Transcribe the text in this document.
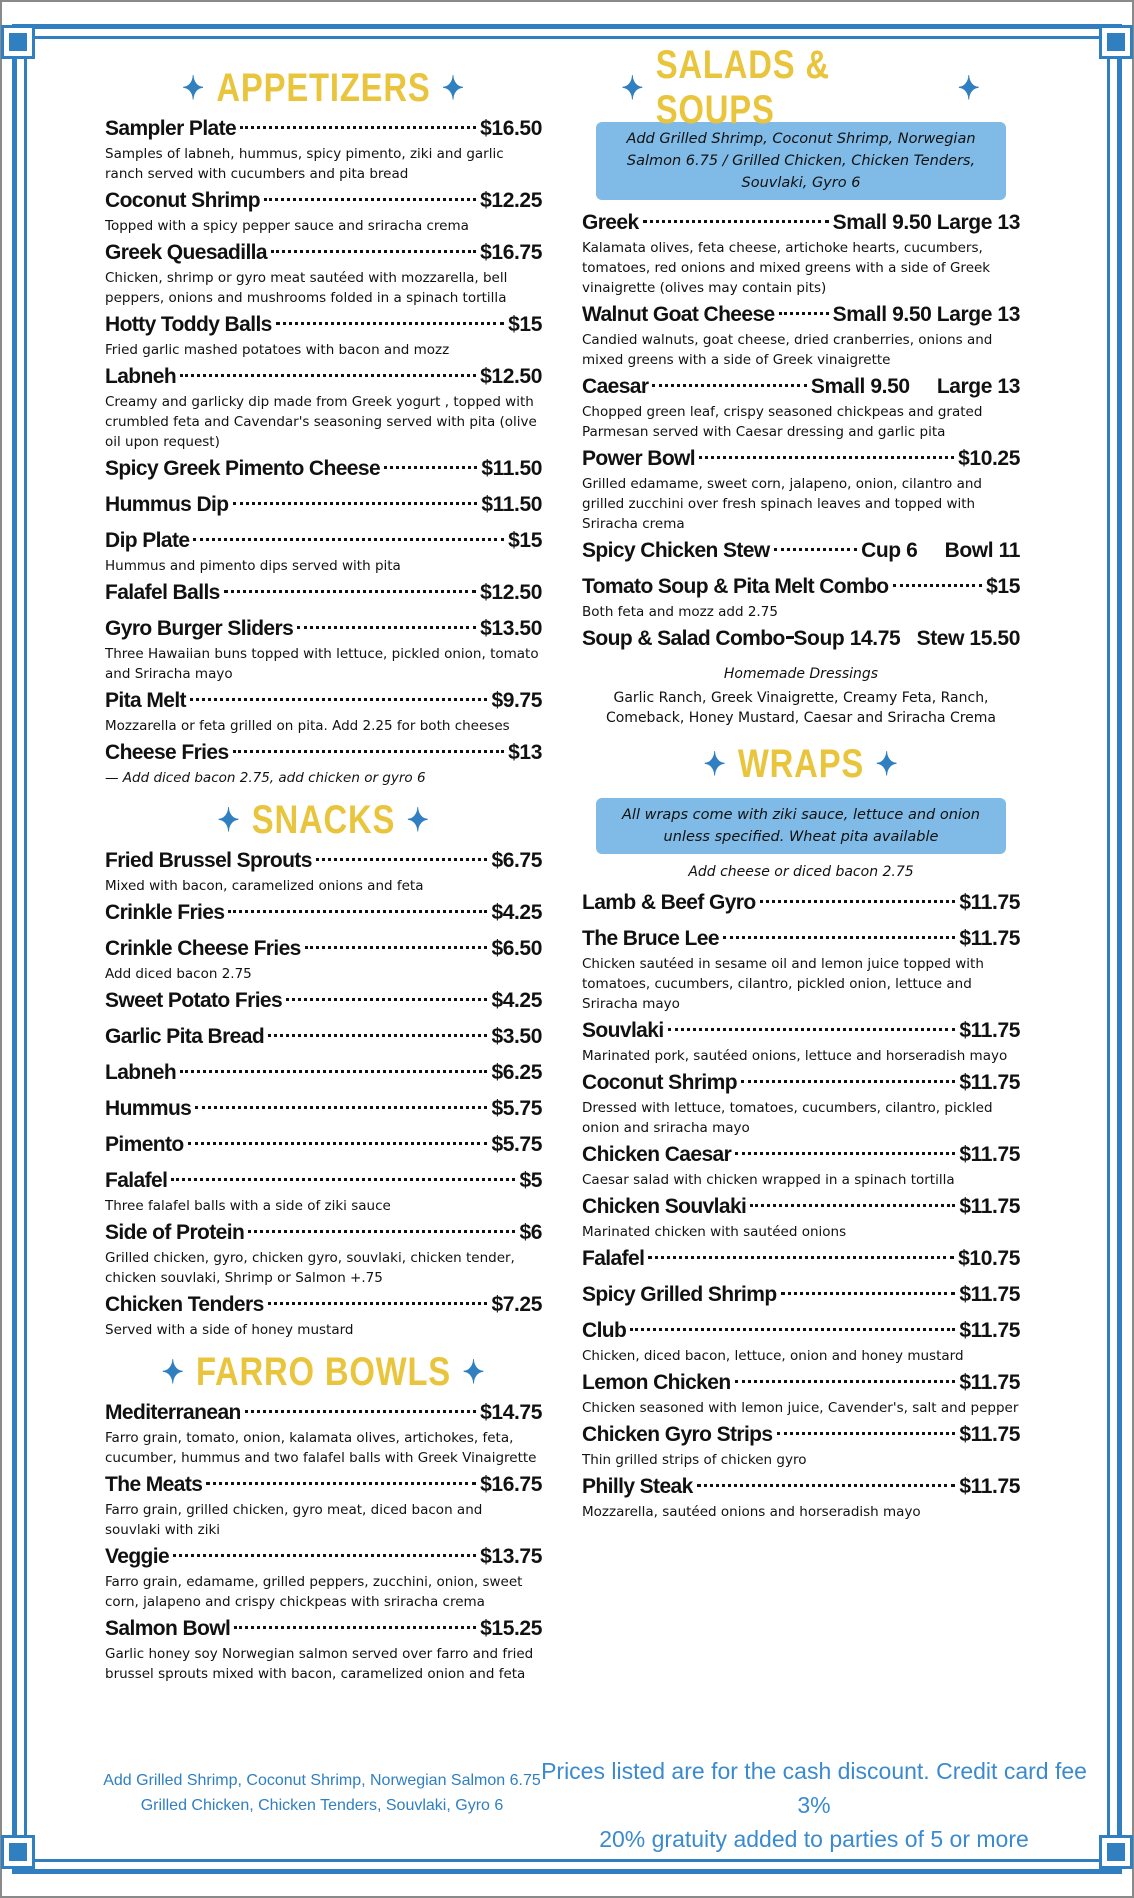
✦ APPETIZERS ✦
Sampler Plate	$16.50
Samples of labneh, hummus, spicy pimento, ziki and garlic ranch served with cucumbers and pita bread
Coconut Shrimp	$12.25
Topped with a spicy pepper sauce and sriracha crema
Greek Quesadilla	$16.75
Chicken, shrimp or gyro meat sautéed with mozzarella, bell peppers, onions and mushrooms folded in a spinach tortilla
Hotty Toddy Balls	$15
Fried garlic mashed potatoes with bacon and mozz
Labneh	$12.50
Creamy and garlicky dip made from Greek yogurt , topped with crumbled feta and Cavendar's seasoning served with pita (olive oil upon request)
Spicy Greek Pimento Cheese	$11.50
Hummus Dip	$11.50
Dip Plate	$15
Hummus and pimento dips served with pita
Falafel Balls	$12.50
Gyro Burger Sliders	$13.50
Three Hawaiian buns topped with lettuce, pickled onion, tomato and Sriracha mayo
Pita Melt	$9.75
Mozzarella or feta grilled on pita. Add 2.25 for both cheeses
Cheese Fries	$13
— Add diced bacon 2.75, add chicken or gyro 6
✦ SNACKS ✦
Fried Brussel Sprouts	$6.75
Mixed with bacon, caramelized onions and feta
Crinkle Fries	$4.25
Crinkle Cheese Fries	$6.50
Add diced bacon 2.75
Sweet Potato Fries	$4.25
Garlic Pita Bread	$3.50
Labneh	$6.25
Hummus	$5.75
Pimento	$5.75
Falafel	$5
Three falafel balls with a side of ziki sauce
Side of Protein	$6
Grilled chicken, gyro, chicken gyro, souvlaki, chicken tender, chicken souvlaki, Shrimp or Salmon +.75
Chicken Tenders	$7.25
Served with a side of honey mustard
✦ FARRO BOWLS ✦
Mediterranean	$14.75
Farro grain, tomato, onion, kalamata olives, artichokes, feta, cucumber, hummus and two falafel balls with Greek Vinaigrette
The Meats	$16.75
Farro grain, grilled chicken, gyro meat, diced bacon and souvlaki with ziki
Veggie	$13.75
Farro grain, edamame, grilled peppers, zucchini, onion, sweet corn, jalapeno and crispy chickpeas with sriracha crema
Salmon Bowl	$15.25
Garlic honey soy Norwegian salmon served over farro and fried brussel sprouts mixed with bacon, caramelized onion and feta
✦
SALADS & SOUPS	✦
Add Grilled Shrimp, Coconut Shrimp, Norwegian Salmon 6.75 / Grilled Chicken, Chicken Tenders, Souvlaki, Gyro 6
Greek	Small 9.50 Large 13
Kalamata olives, feta cheese, artichoke hearts, cucumbers, tomatoes, red onions and mixed greens with a side of Greek vinaigrette (olives may contain pits)
Walnut Goat Cheese	Small 9.50 Large 13
Candied walnuts, goat cheese, dried cranberries, onions and mixed greens with a side of Greek vinaigrette
Caesar	Small 9.50     Large 13
Chopped green leaf, crispy seasoned chickpeas and grated Parmesan served with Caesar dressing and garlic pita
Power Bowl	$10.25
Grilled edamame, sweet corn, jalapeno, onion, cilantro and grilled zucchini over fresh spinach leaves and topped with Sriracha crema
Spicy Chicken Stew	Cup 6     Bowl 11
Tomato Soup & Pita Melt Combo	$15
Both feta and mozz add 2.75
Soup & Salad Combo Soup 14.75   Stew 15.50
Homemade Dressings
Garlic Ranch, Greek Vinaigrette, Creamy Feta, Ranch, Comeback, Honey Mustard, Caesar and Sriracha Crema
✦ WRAPS ✦
All wraps come with ziki sauce, lettuce and onion unless specified. Wheat pita available
Add cheese or diced bacon 2.75
Lamb & Beef Gyro	$11.75
The Bruce Lee	$11.75
Chicken sautéed in sesame oil and lemon juice topped with tomatoes, cucumbers, cilantro, pickled onion, lettuce and Sriracha mayo
Souvlaki	$11.75
Marinated pork, sautéed onions, lettuce and horseradish mayo
Coconut Shrimp	$11.75
Dressed with lettuce, tomatoes, cucumbers, cilantro, pickled onion and sriracha mayo
Chicken Caesar	$11.75
Caesar salad with chicken wrapped in a spinach tortilla
Chicken Souvlaki	$11.75
Marinated chicken with sautéed onions
Falafel	$10.75
Spicy Grilled Shrimp	$11.75
Club	$11.75
Chicken, diced bacon, lettuce, onion and honey mustard
Lemon Chicken	$11.75
Chicken seasoned with lemon juice, Cavender's, salt and pepper
Chicken Gyro Strips	$11.75
Thin grilled strips of chicken gyro
Philly Steak	$11.75
Mozzarella, sautéed onions and horseradish mayo
Add Grilled Shrimp, Coconut Shrimp, Norwegian Salmon 6.75
Grilled Chicken, Chicken Tenders, Souvlaki, Gyro 6
Prices listed are for the cash discount. Credit card fee 3%
20% gratuity added to parties of 5 or more
